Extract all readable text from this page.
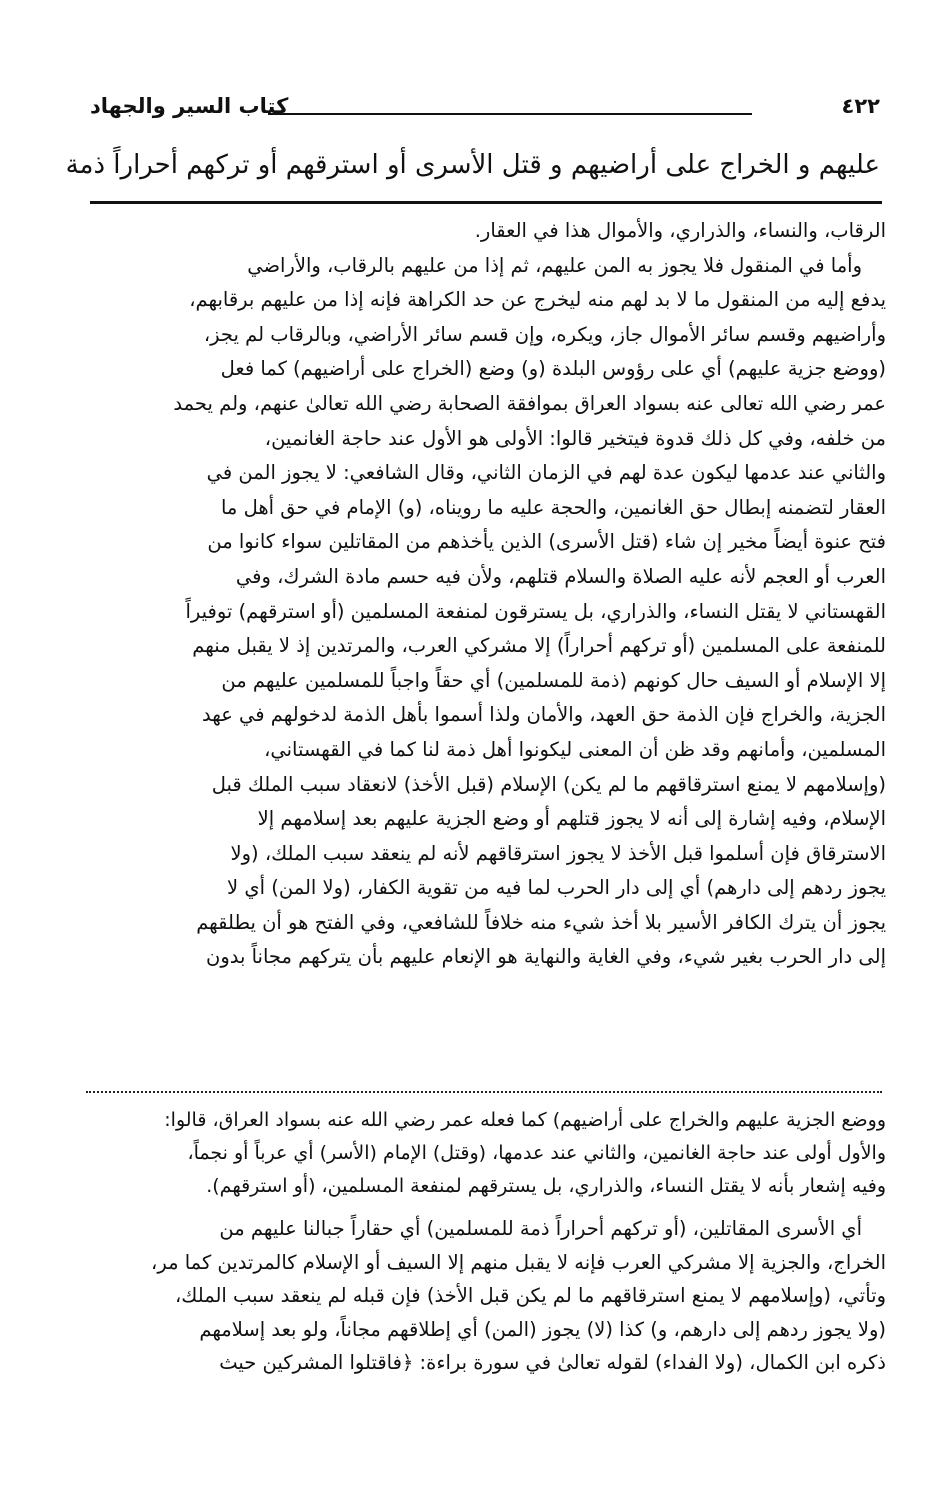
كتاب السير والجهاد	٤٢٢
عليهم و الخراج على أراضيهم و قتل الأسرى أو استرقهم أو تركهم أحراراً ذمة
الرقاب، والنساء، والذراري، والأموال هذا في العقار.
وأما في المنقول فلا يجوز به المن عليهم، ثم إذا من عليهم بالرقاب، والأراضي
يدفع إليه من المنقول ما لا بد لهم منه ليخرج عن حد الكراهة فإنه إذا من عليهم برقابهم،
وأراضيهم وقسم سائر الأموال جاز، ويكره، وإن قسم سائر الأراضي، وبالرقاب لم يجز،
(ووضع جزية عليهم) أي على رؤوس البلدة (و) وضع (الخراج على أراضيهم) كما فعل
عمر رضي الله تعالى عنه بسواد العراق بموافقة الصحابة رضي الله تعالىٰ عنهم، ولم يحمد
من خلفه، وفي كل ذلك قدوة فيتخير قالوا: الأولى هو الأول عند حاجة الغانمين،
والثاني عند عدمها ليكون عدة لهم في الزمان الثاني، وقال الشافعي: لا يجوز المن في
العقار لتضمنه إبطال حق الغانمين، والحجة عليه ما رويناه، (و) الإمام في حق أهل ما
فتح عنوة أيضاً مخير إن شاء (قتل الأسرى) الذين يأخذهم من المقاتلين سواء كانوا من
العرب أو العجم لأنه عليه الصلاة والسلام قتلهم، ولأن فيه حسم مادة الشرك، وفي
القهستاني لا يقتل النساء، والذراري، بل يسترقون لمنفعة المسلمين (أو استرقهم) توفيراً
للمنفعة على المسلمين (أو تركهم أحراراً) إلا مشركي العرب، والمرتدين إذ لا يقبل منهم
إلا الإسلام أو السيف حال كونهم (ذمة للمسلمين) أي حقاً واجباً للمسلمين عليهم من
الجزية، والخراج فإن الذمة حق العهد، والأمان ولذا أسموا بأهل الذمة لدخولهم في عهد
المسلمين، وأمانهم وقد ظن أن المعنى ليكونوا أهل ذمة لنا كما في القهستاني،
(وإسلامهم لا يمنع استرقاقهم ما لم يكن) الإسلام (قبل الأخذ) لانعقاد سبب الملك قبل
الإسلام، وفيه إشارة إلى أنه لا يجوز قتلهم أو وضع الجزية عليهم بعد إسلامهم إلا
الاسترقاق فإن أسلموا قبل الأخذ لا يجوز استرقاقهم لأنه لم ينعقد سبب الملك، (ولا
يجوز ردهم إلى دارهم) أي إلى دار الحرب لما فيه من تقوية الكفار، (ولا المن) أي لا
يجوز أن يترك الكافر الأسير بلا أخذ شيء منه خلافاً للشافعي، وفي الفتح هو أن يطلقهم
إلى دار الحرب بغير شيء، وفي الغاية والنهاية هو الإنعام عليهم بأن يتركهم مجاناً بدون
ووضع الجزية عليهم والخراج على أراضيهم) كما فعله عمر رضي الله عنه بسواد العراق، قالوا:
والأول أولى عند حاجة الغانمين، والثاني عند عدمها، (وقتل) الإمام (الأسر) أي عرباً أو نجماً،
وفيه إشعار بأنه لا يقتل النساء، والذراري، بل يسترقهم لمنفعة المسلمين، (أو استرقهم).
أي الأسرى المقاتلين، (أو تركهم أحراراً ذمة للمسلمين) أي حقاراً جبالنا عليهم من
الخراج، والجزية إلا مشركي العرب فإنه لا يقبل منهم إلا السيف أو الإسلام كالمرتدين كما مر،
وتأتي، (وإسلامهم لا يمنع استرقاقهم ما لم يكن قبل الأخذ) فإن قبله لم ينعقد سبب الملك،
(ولا يجوز ردهم إلى دارهم، و) كذا (لا) يجوز (المن) أي إطلاقهم مجاناً، ولو بعد إسلامهم
ذكره ابن الكمال، (ولا الفداء) لقوله تعالىٰ في سورة براءة: ﴿فاقتلوا المشركين حيث
